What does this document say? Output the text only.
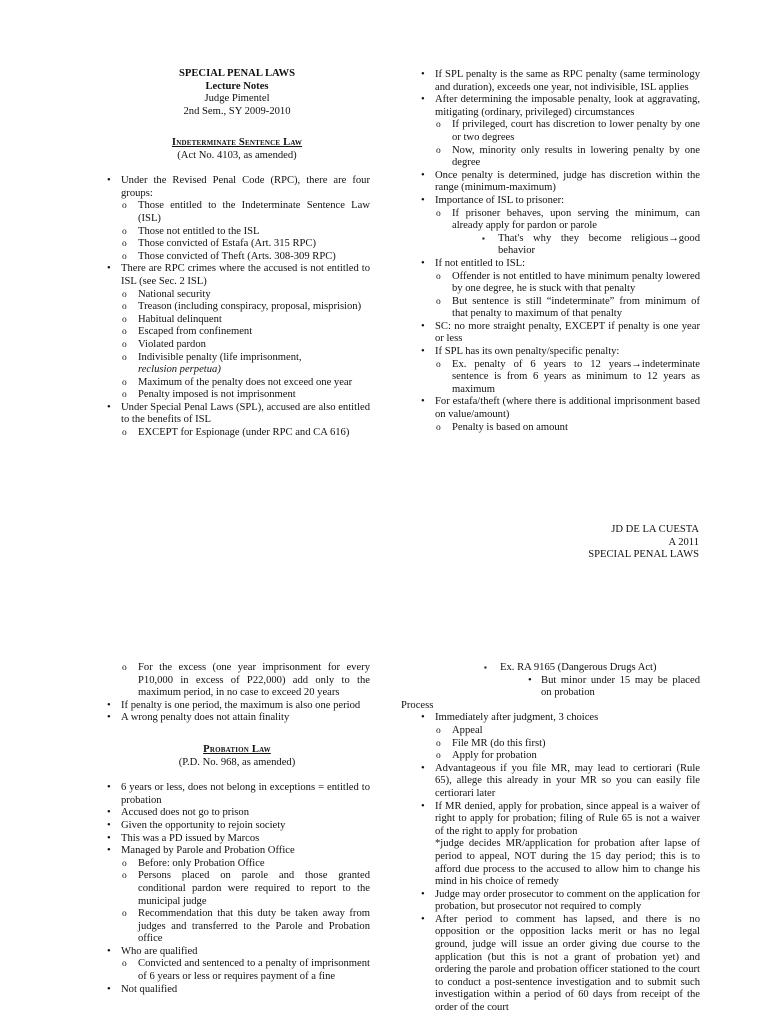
SPECIAL PENAL LAWS
Lecture Notes
Judge Pimentel
2nd Sem., SY 2009-2010
Indeterminate Sentence Law
(Act No. 4103, as amended)
• Under the Revised Penal Code (RPC), there are four groups:
o Those entitled to the Indeterminate Sentence Law (ISL)
o Those not entitled to the ISL
o Those convicted of Estafa (Art. 315 RPC)
o Those convicted of Theft (Arts. 308-309 RPC)
• There are RPC crimes where the accused is not entitled to ISL (see Sec. 2 ISL)
o National security
o Treason (including conspiracy, proposal, misprision)
o Habitual delinquent
o Escaped from confinement
o Violated pardon
o Indivisible penalty (life imprisonment,
reclusion perpetua)
o Maximum of the penalty does not exceed one year
o Penalty imposed is not imprisonment
• Under Special Penal Laws (SPL), accused are also entitled to the benefits of ISL
o EXCEPT for Espionage (under RPC and CA 616)
• If SPL penalty is the same as RPC penalty (same terminology and duration), exceeds one year, not indivisible, ISL applies
• After determining the imposable penalty, look at aggravating, mitigating (ordinary, privileged) circumstances
o If privileged, court has discretion to lower penalty by one or two degrees
o Now, minority only results in lowering penalty by one degree
• Once penalty is determined, judge has discretion within the range (minimum-maximum)
• Importance of ISL to prisoner:
o If prisoner behaves, upon serving the minimum, can already apply for pardon or parole
▪ That's why they become religious→good behavior
• If not entitled to ISL:
o Offender is not entitled to have minimum penalty lowered by one degree, he is stuck with that penalty
o But sentence is still “indeterminate” from minimum of that penalty to maximum of that penalty
• SC: no more straight penalty, EXCEPT if penalty is one year or less
• If SPL has its own penalty/specific penalty:
o Ex. penalty of 6 years to 12 years→indeterminate sentence is from 6 years as minimum to 12 years as maximum
• For estafa/theft (where there is additional imprisonment based on value/amount)
o Penalty is based on amount
JD DE LA CUESTA
A 2011
SPECIAL PENAL LAWS
o For the excess (one year imprisonment for every P10,000 in excess of P22,000) add only to the maximum period, in no case to exceed 20 years
• If penalty is one period, the maximum is also one period
• A wrong penalty does not attain finality
Probation Law
(P.D. No. 968, as amended)
• 6 years or less, does not belong in exceptions = entitled to probation
• Accused does not go to prison
• Given the opportunity to rejoin society
• This was a PD issued by Marcos
• Managed by Parole and Probation Office
o Before: only Probation Office
o Persons placed on parole and those granted conditional pardon were required to report to the municipal judge
o Recommendation that this duty be taken away from judges and transferred to the Parole and Probation office
• Who are qualified
o Convicted and sentenced to a penalty of imprisonment of 6 years or less or requires payment of a fine
• Not qualified
▪ Ex. RA 9165 (Dangerous Drugs Act)
• But minor under 15 may be placed on probation
Process
• Immediately after judgment, 3 choices
o Appeal
o File MR (do this first)
o Apply for probation
• Advantageous if you file MR, may lead to certiorari (Rule 65), allege this already in your MR so you can easily file certiorari later
• If MR denied, apply for probation, since appeal is a waiver of right to apply for probation; filing of Rule 65 is not a waiver of the right to apply for probation
*judge decides MR/application for probation after lapse of period to appeal, NOT during the 15 day period; this is to afford due process to the accused to allow him to change his mind in his choice of remedy
• Judge may order prosecutor to comment on the application for probation, but prosecutor not required to comply
• After period to comment has lapsed, and there is no opposition or the opposition lacks merit or has no legal ground, judge will issue an order giving due course to the application (but this is not a grant of probation yet) and ordering the parole and probation officer stationed to the court to conduct a post-sentence investigation and to submit such investigation within a period of 60 days from receipt of the order of the court
